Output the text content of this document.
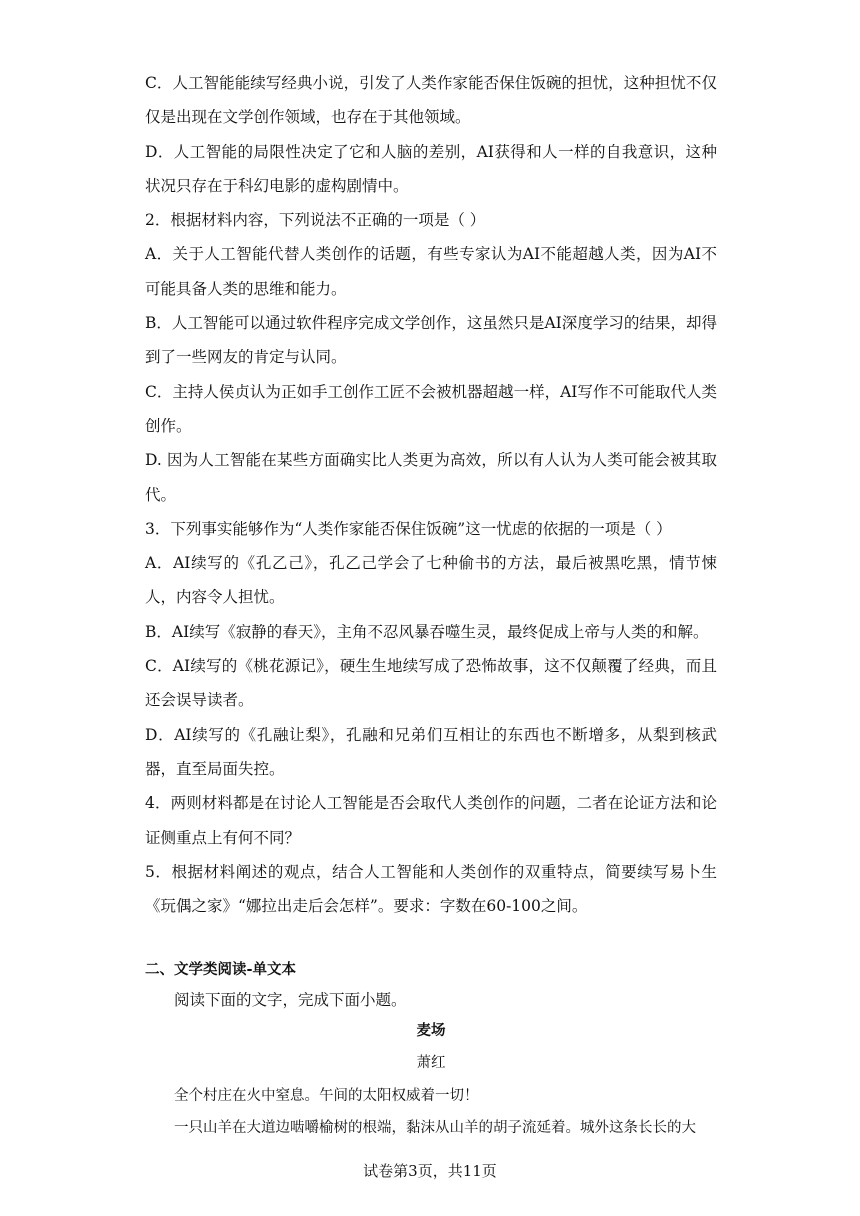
C．人工智能能续写经典小说，引发了人类作家能否保住饭碗的担忧，这种担忧不仅仅是出现在文学创作领域，也存在于其他领域。

D．人工智能的局限性决定了它和人脑的差别，AI获得和人一样的自我意识，这种状况只存在于科幻电影的虚构剧情中。

2．根据材料内容，下列说法不正确的一项是（ ）

A．关于人工智能代替人类创作的话题，有些专家认为AI不能超越人类，因为AI不可能具备人类的思维和能力。

B．人工智能可以通过软件程序完成文学创作，这虽然只是AI深度学习的结果，却得到了一些网友的肯定与认同。

C．主持人侯贞认为正如手工创作工匠不会被机器超越一样，AI写作不可能取代人类创作。

D. 因为人工智能在某些方面确实比人类更为高效，所以有人认为人类可能会被其取代。

3．下列事实能够作为“人类作家能否保住饭碗”这一忧虑的依据的一项是（ ）

A．AI续写的《孔乙己》，孔乙己学会了七种偷书的方法，最后被黑吃黑，情节悚人，内容令人担忧。

B．AI续写《寂静的春天》，主角不忍风暴吞噬生灵，最终促成上帝与人类的和解。

C．AI续写的《桃花源记》，硬生生地续写成了恐怖故事，这不仅颠覆了经典，而且还会误导读者。

D．AI续写的《孔融让梨》，孔融和兄弟们互相让的东西也不断增多，从梨到核武器，直至局面失控。

4．两则材料都是在讨论人工智能是否会取代人类创作的问题，二者在论证方法和论证侧重点上有何不同？

5．根据材料阐述的观点，结合人工智能和人类创作的双重特点，简要续写易卜生《玩偶之家》“娜拉出走后会怎样”。要求：字数在60-100之间。

二、文学类阅读-单文本
阅读下面的文字，完成下面小题。
麦场
萧红

全个村庄在火中窒息。午间的太阳权威着一切！

一只山羊在大道边啮嚼榆树的根端，黏沫从山羊的胡子流延着。城外这条长长的大

试卷第3页，共11页
